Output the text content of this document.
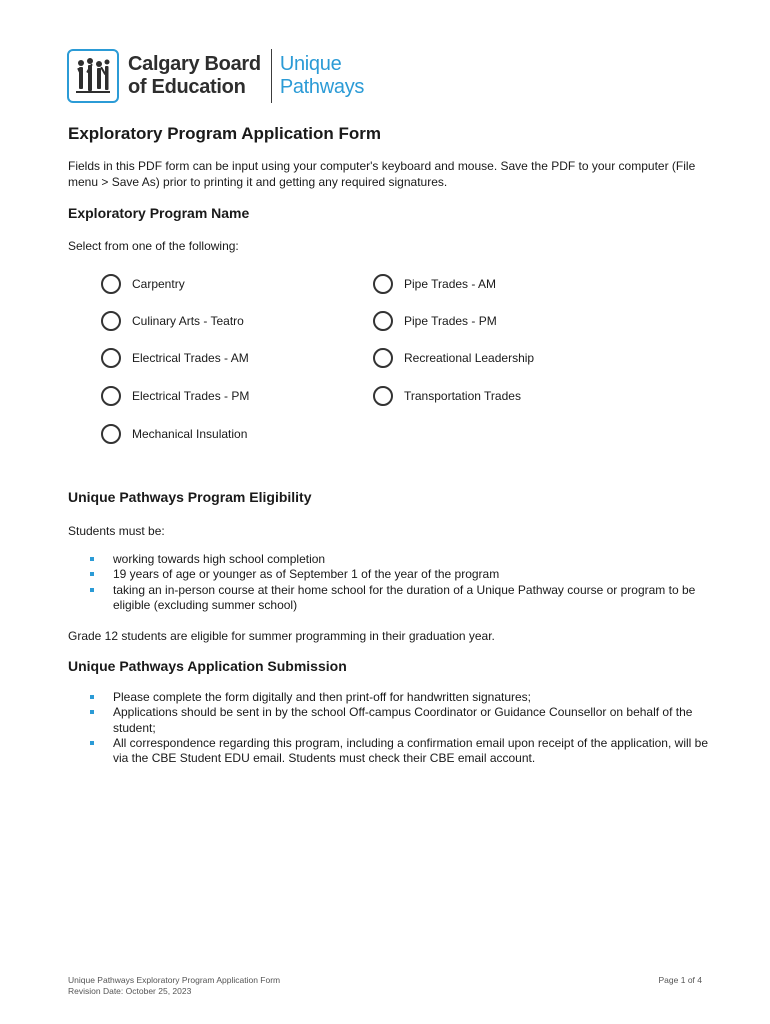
Calgary Board
of Education
Unique
Pathways
Exploratory Program Application Form
Fields in this PDF form can be input using your computer's keyboard and mouse. Save the PDF to your computer (File menu > Save As) prior to printing it and getting any required signatures.
Exploratory Program Name
Select from one of the following:
Carpentry
Culinary Arts - Teatro
Electrical Trades - AM
Electrical Trades - PM
Mechanical Insulation
Pipe Trades - AM
Pipe Trades - PM
Recreational Leadership
Transportation Trades
Unique Pathways Program Eligibility
Students must be:
working towards high school completion
19 years of age or younger as of September 1 of the year of the program
taking an in-person course at their home school for the duration of a Unique Pathway course or program to be eligible (excluding summer school)
Grade 12 students are eligible for summer programming in their graduation year.
Unique Pathways Application Submission
Please complete the form digitally and then print-off for handwritten signatures;
Applications should be sent in by the school Off-campus Coordinator or Guidance Counsellor on behalf of the student;
All correspondence regarding this program, including a confirmation email upon receipt of the application, will be via the CBE Student EDU email. Students must check their CBE email account.
Unique Pathways Exploratory Program Application Form
Revision Date: October 25, 2023
Page 1 of 4
